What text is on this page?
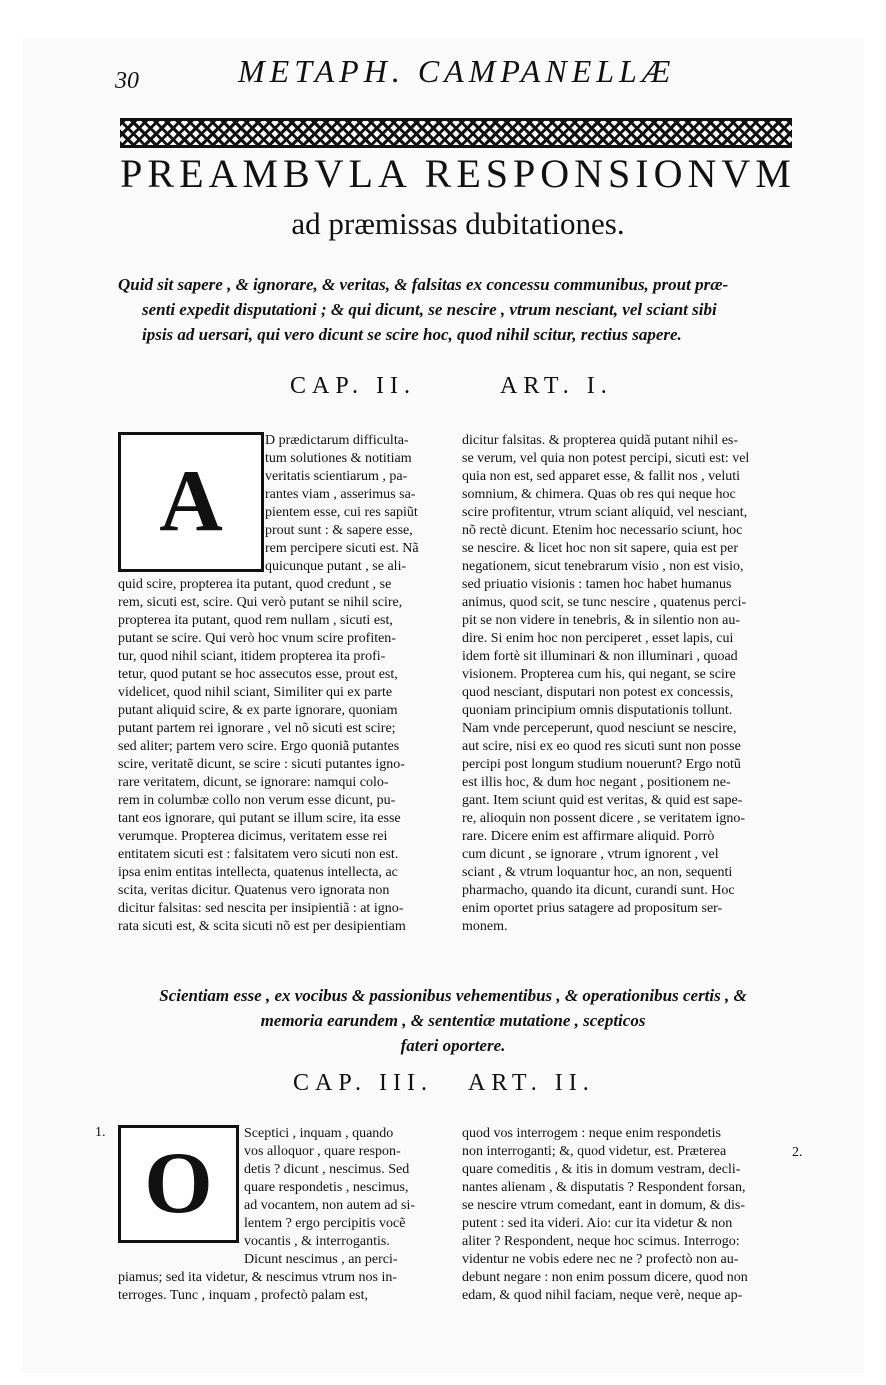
30	METAPH. CAMPANELLÆ
PREAMBVLA RESPONSIONVM
ad præmissas dubitationes.
Quid sit sapere , & ignorare, & veritas, & falsitas ex concessu communibus, prout præ-
senti expedit disputationi ; & qui dicunt, se nescire , vtrum nesciant, vel sciant sibi
ipsis ad uersari, qui vero dicunt se scire hoc, quod nihil scitur, rectius sapere.
CAP. II.	ART. I.
A
D prædictarum difficulta-
tum solutiones & notitiam
veritatis scientiarum , pa-
rantes viam , asserimus sa-
pientem esse, cui res sapiũt
prout sunt : & sapere esse,
rem percipere sicuti est. Nã
quicunque putant , se ali-
quid scire, propterea ita putant, quod credunt , se
rem, sicuti est, scire. Qui verò putant se nihil scire,
propterea ita putant, quod rem nullam , sicuti est,
putant se scire. Qui verò hoc vnum scire profiten-
tur, quod nihil sciant, itidem propterea ita profi-
tetur, quod putant se hoc assecutos esse, prout est,
videlicet, quod nihil sciant, Similiter qui ex parte
putant aliquid scire, & ex parte ignorare, quoniam
putant partem rei ignorare , vel nõ sicuti est scire;
sed aliter; partem vero scire. Ergo quoniã putantes
scire, veritatẽ dicunt, se scire : sicuti putantes igno-
rare veritatem, dicunt, se ignorare: namqui colo-
rem in columbæ collo non verum esse dicunt, pu-
tant eos ignorare, qui putant se illum scire, ita esse
verumque. Propterea dicimus, veritatem esse rei
entitatem sicuti est : falsitatem vero sicuti non est.
ipsa enim entitas intellecta, quatenus intellecta, ac
scita, veritas dicitur. Quatenus vero ignorata non
dicitur falsitas: sed nescita per insipientiã : at igno-
rata sicuti est, & scita sicuti nõ est per desipientiam
dicitur falsitas. & propterea quidã putant nihil es-
se verum, vel quia non potest percipi, sicuti est: vel
quia non est, sed apparet esse, & fallit nos , veluti
somnium, & chimera. Quas ob res qui neque hoc
scire profitentur, vtrum sciant aliquid, vel nesciant,
nõ rectè dicunt. Etenim hoc necessario sciunt, hoc
se nescire. & licet hoc non sit sapere, quia est per
negationem, sicut tenebrarum visio , non est visio,
sed priuatio visionis : tamen hoc habet humanus
animus, quod scit, se tunc nescire , quatenus perci-
pit se non videre in tenebris, & in silentio non au-
dire. Si enim hoc non perciperet , esset lapis, cui
idem fortè sit illuminari & non illuminari , quoad
visionem. Propterea cum his, qui negant, se scire
quod nesciant, disputari non potest ex concessis,
quoniam principium omnis disputationis tollunt.
Nam vnde perceperunt, quod nesciunt se nescire,
aut scire, nisi ex eo quod res sicuti sunt non posse
percipi post longum studium nouerunt? Ergo notũ
est illis hoc, & dum hoc negant , positionem ne-
gant. Item sciunt quid est veritas, & quid est sape-
re, alioquin non possent dicere , se veritatem igno-
rare. Dicere enim est affirmare aliquid. Porrò
cum dicunt , se ignorare , vtrum ignorent , vel
sciant , & vtrum loquantur hoc, an non, sequenti
pharmacho, quando ita dicunt, curandi sunt. Hoc
enim oportet prius satagere ad propositum ser-
monem.
Scientiam esse , ex vocibus & passionibus vehementibus , & operationibus certis , &
memoria earundem , & sententiæ mutatione , scepticos
fateri oportere.
CAP. III. ART. II.
1.
2.
O
Sceptici , inquam , quando
vos alloquor , quare respon-
detis ? dicunt , nescimus. Sed
quare respondetis , nescimus,
ad vocantem, non autem ad si-
lentem ? ergo percipitis vocẽ
vocantis , & interrogantis.
Dicunt nescimus , an perci-
piamus; sed ita videtur, & nescimus vtrum nos in-
terroges. Tunc , inquam , profectò palam est,
quod vos interrogem : neque enim respondetis
non interroganti; &, quod videtur, est. Præterea
quare comeditis , & itis in domum vestram, decli-
nantes alienam , & disputatis ? Respondent forsan,
se nescire vtrum comedant, eant in domum, & dis-
putent : sed ita videri. Aio: cur ita videtur & non
aliter ? Respondent, neque hoc scimus. Interrogo:
videntur ne vobis edere nec ne ? profectò non au-
debunt negare : non enim possum dicere, quod non
edam, & quod nihil faciam, neque verè, neque ap-
